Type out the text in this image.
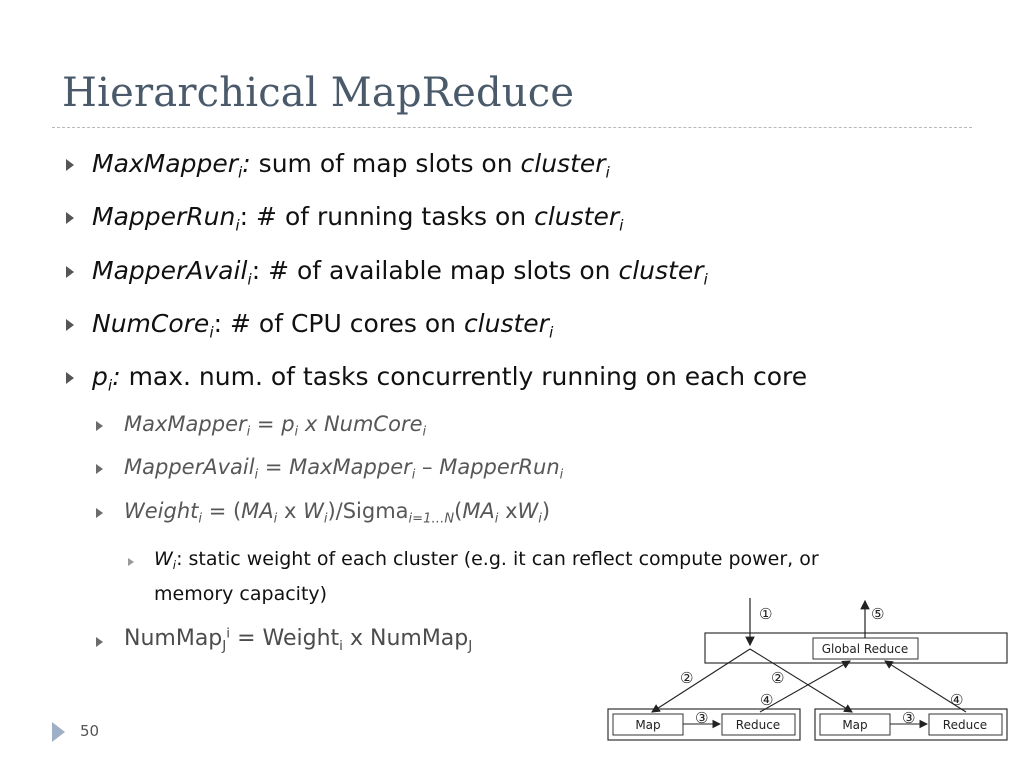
Hierarchical MapReduce
MaxMapper$_i$: sum of map slots on cluster$_i$
MapperRun$_i$: # of running tasks on cluster$_i$
MapperAvail$_i$: # of available map slots on cluster$_i$
NumCore$_i$: # of CPU cores on cluster$_i$
$p_i$: max. num. of tasks concurrently running on each core
MaxMapper$_i$ = $p_i$ x NumCore$_i$
MapperAvail$_i$ = MaxMapper$_i$ – MapperRun$_i$
Weight$_i$ = ($MA_i$ x $W_i)/Sigma_{i=1\dots N}(MA_i$ $xW_i$)
$W_i$: static weight of each cluster (e.g. it can reflect compute power, or
memory capacity)
NumMap$_J^i$ = Weight$_i$ x NumMap$_J$	Global Reduce
①	⑤
Map	Reduce
③	Map	Reduce
③
②	②
④	④
50
